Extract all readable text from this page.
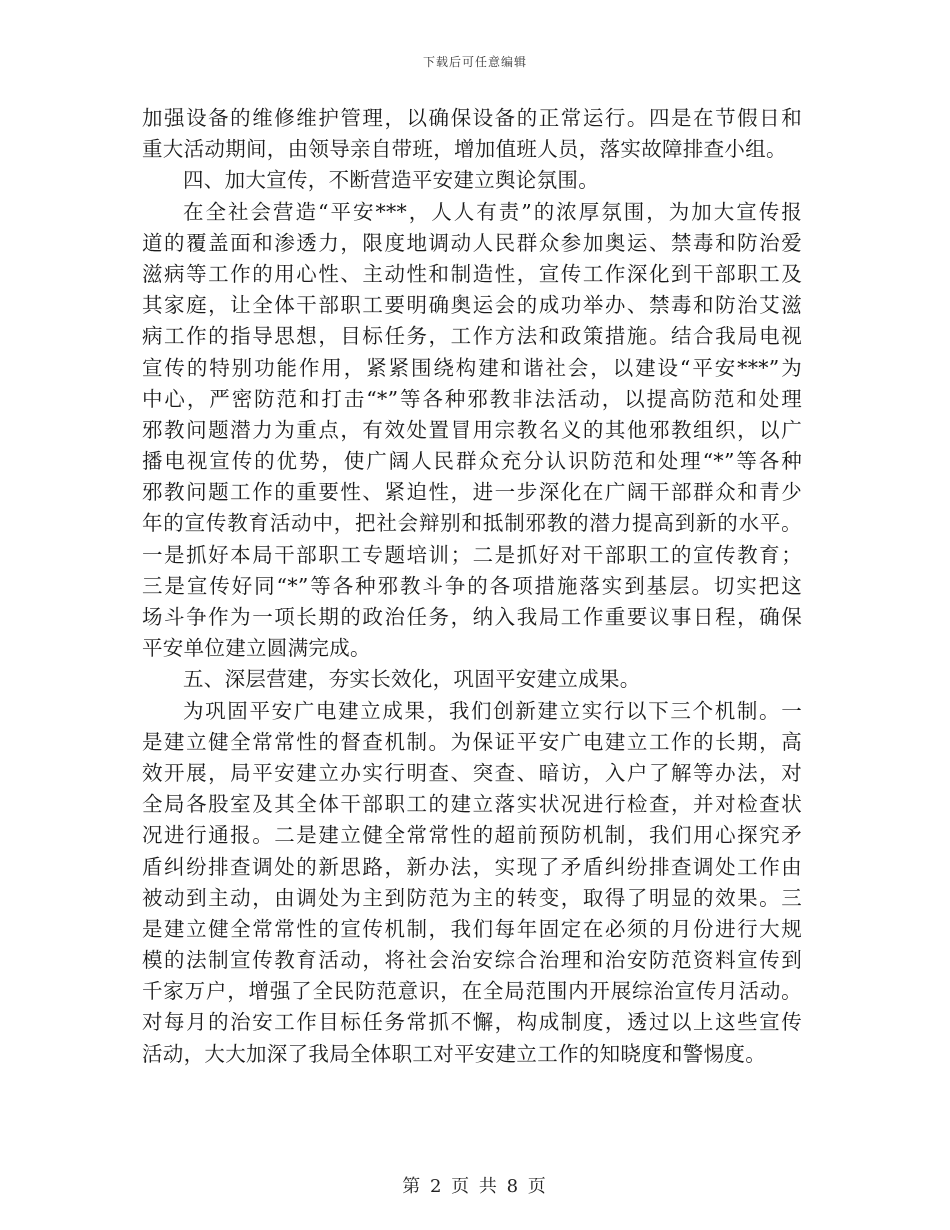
下载后可任意编辑
加强设备的维修维护管理，以确保设备的正常运行。四是在节假日和
重大活动期间，由领导亲自带班，增加值班人员，落实故障排查小组。
四、加大宣传，不断营造平安建立舆论氛围。
在全社会营造“平安***，人人有责”的浓厚氛围，为加大宣传报
道的覆盖面和渗透力，限度地调动人民群众参加奥运、禁毒和防治爱
滋病等工作的用心性、主动性和制造性，宣传工作深化到干部职工及
其家庭，让全体干部职工要明确奥运会的成功举办、禁毒和防治艾滋
病工作的指导思想，目标任务，工作方法和政策措施。结合我局电视
宣传的特别功能作用，紧紧围绕构建和谐社会，以建设“平安***”为
中心，严密防范和打击“*”等各种邪教非法活动，以提高防范和处理
邪教问题潜力为重点，有效处置冒用宗教名义的其他邪教组织，以广
播电视宣传的优势，使广阔人民群众充分认识防范和处理“*”等各种
邪教问题工作的重要性、紧迫性，进一步深化在广阔干部群众和青少
年的宣传教育活动中，把社会辩别和抵制邪教的潜力提高到新的水平。
一是抓好本局干部职工专题培训；二是抓好对干部职工的宣传教育；
三是宣传好同“*”等各种邪教斗争的各项措施落实到基层。切实把这
场斗争作为一项长期的政治任务，纳入我局工作重要议事日程，确保
平安单位建立圆满完成。
五、深层营建，夯实长效化，巩固平安建立成果。
为巩固平安广电建立成果，我们创新建立实行以下三个机制。一
是建立健全常常性的督查机制。为保证平安广电建立工作的长期，高
效开展，局平安建立办实行明查、突查、暗访，入户了解等办法，对
全局各股室及其全体干部职工的建立落实状况进行检查，并对检查状
况进行通报。二是建立健全常常性的超前预防机制，我们用心探究矛
盾纠纷排查调处的新思路，新办法，实现了矛盾纠纷排查调处工作由
被动到主动，由调处为主到防范为主的转变，取得了明显的效果。三
是建立健全常常性的宣传机制，我们每年固定在必须的月份进行大规
模的法制宣传教育活动，将社会治安综合治理和治安防范资料宣传到
千家万户，增强了全民防范意识，在全局范围内开展综治宣传月活动。
对每月的治安工作目标任务常抓不懈，构成制度，透过以上这些宣传
活动，大大加深了我局全体职工对平安建立工作的知晓度和警惕度。
第 2 页 共 8 页
